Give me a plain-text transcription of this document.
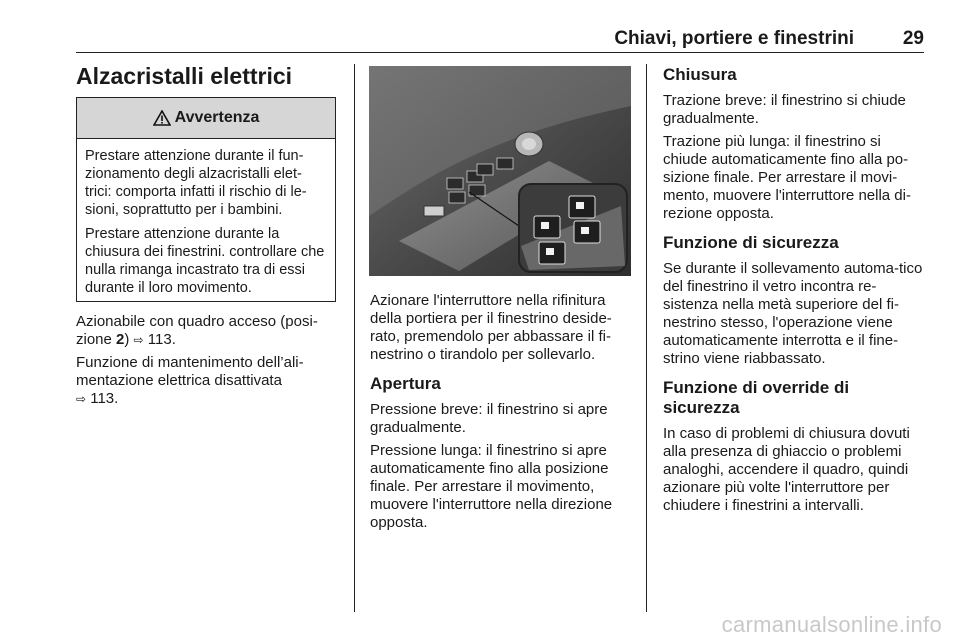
Chiavi, portiere e finestrini	29
Alzacristalli elettrici
Avvertenza

Prestare attenzione durante il fun-zionamento degli alzacristalli elet-trici: comporta infatti il rischio di le-sioni, soprattutto per i bambini.

Prestare attenzione durante la chiusura dei finestrini. controllare che nulla rimanga incastrato tra di essi durante il loro movimento.

Azionabile con quadro acceso (posi-zione 2) ⇨ 113.

Funzione di mantenimento dell’ali-mentazione elettrica disattivata
⇨ 113.

Azionare l'interruttore nella rifinitura della portiera per il finestrino deside-rato, premendolo per abbassare il fi-nestrino o tirandolo per sollevarlo.

Apertura

Pressione breve: il finestrino si apre gradualmente.

Pressione lunga: il finestrino si apre automaticamente fino alla posizione finale. Per arrestare il movimento, muovere l'interruttore nella direzione opposta.

Chiusura

Trazione breve: il finestrino si chiude gradualmente.

Trazione più lunga: il finestrino si chiude automaticamente fino alla po-sizione finale. Per arrestare il movi-mento, muovere l'interruttore nella di-rezione opposta.

Funzione di sicurezza

Se durante il sollevamento automa-tico del finestrino il vetro incontra re-sistenza nella metà superiore del fi-nestrino stesso, l'operazione viene automaticamente interrotta e il fine-strino viene riabbassato.

Funzione di override di sicurezza

In caso di problemi di chiusura dovuti alla presenza di ghiaccio o problemi analoghi, accendere il quadro, quindi azionare più volte l'interruttore per chiudere i finestrini a intervalli.

carmanualsonline.info
